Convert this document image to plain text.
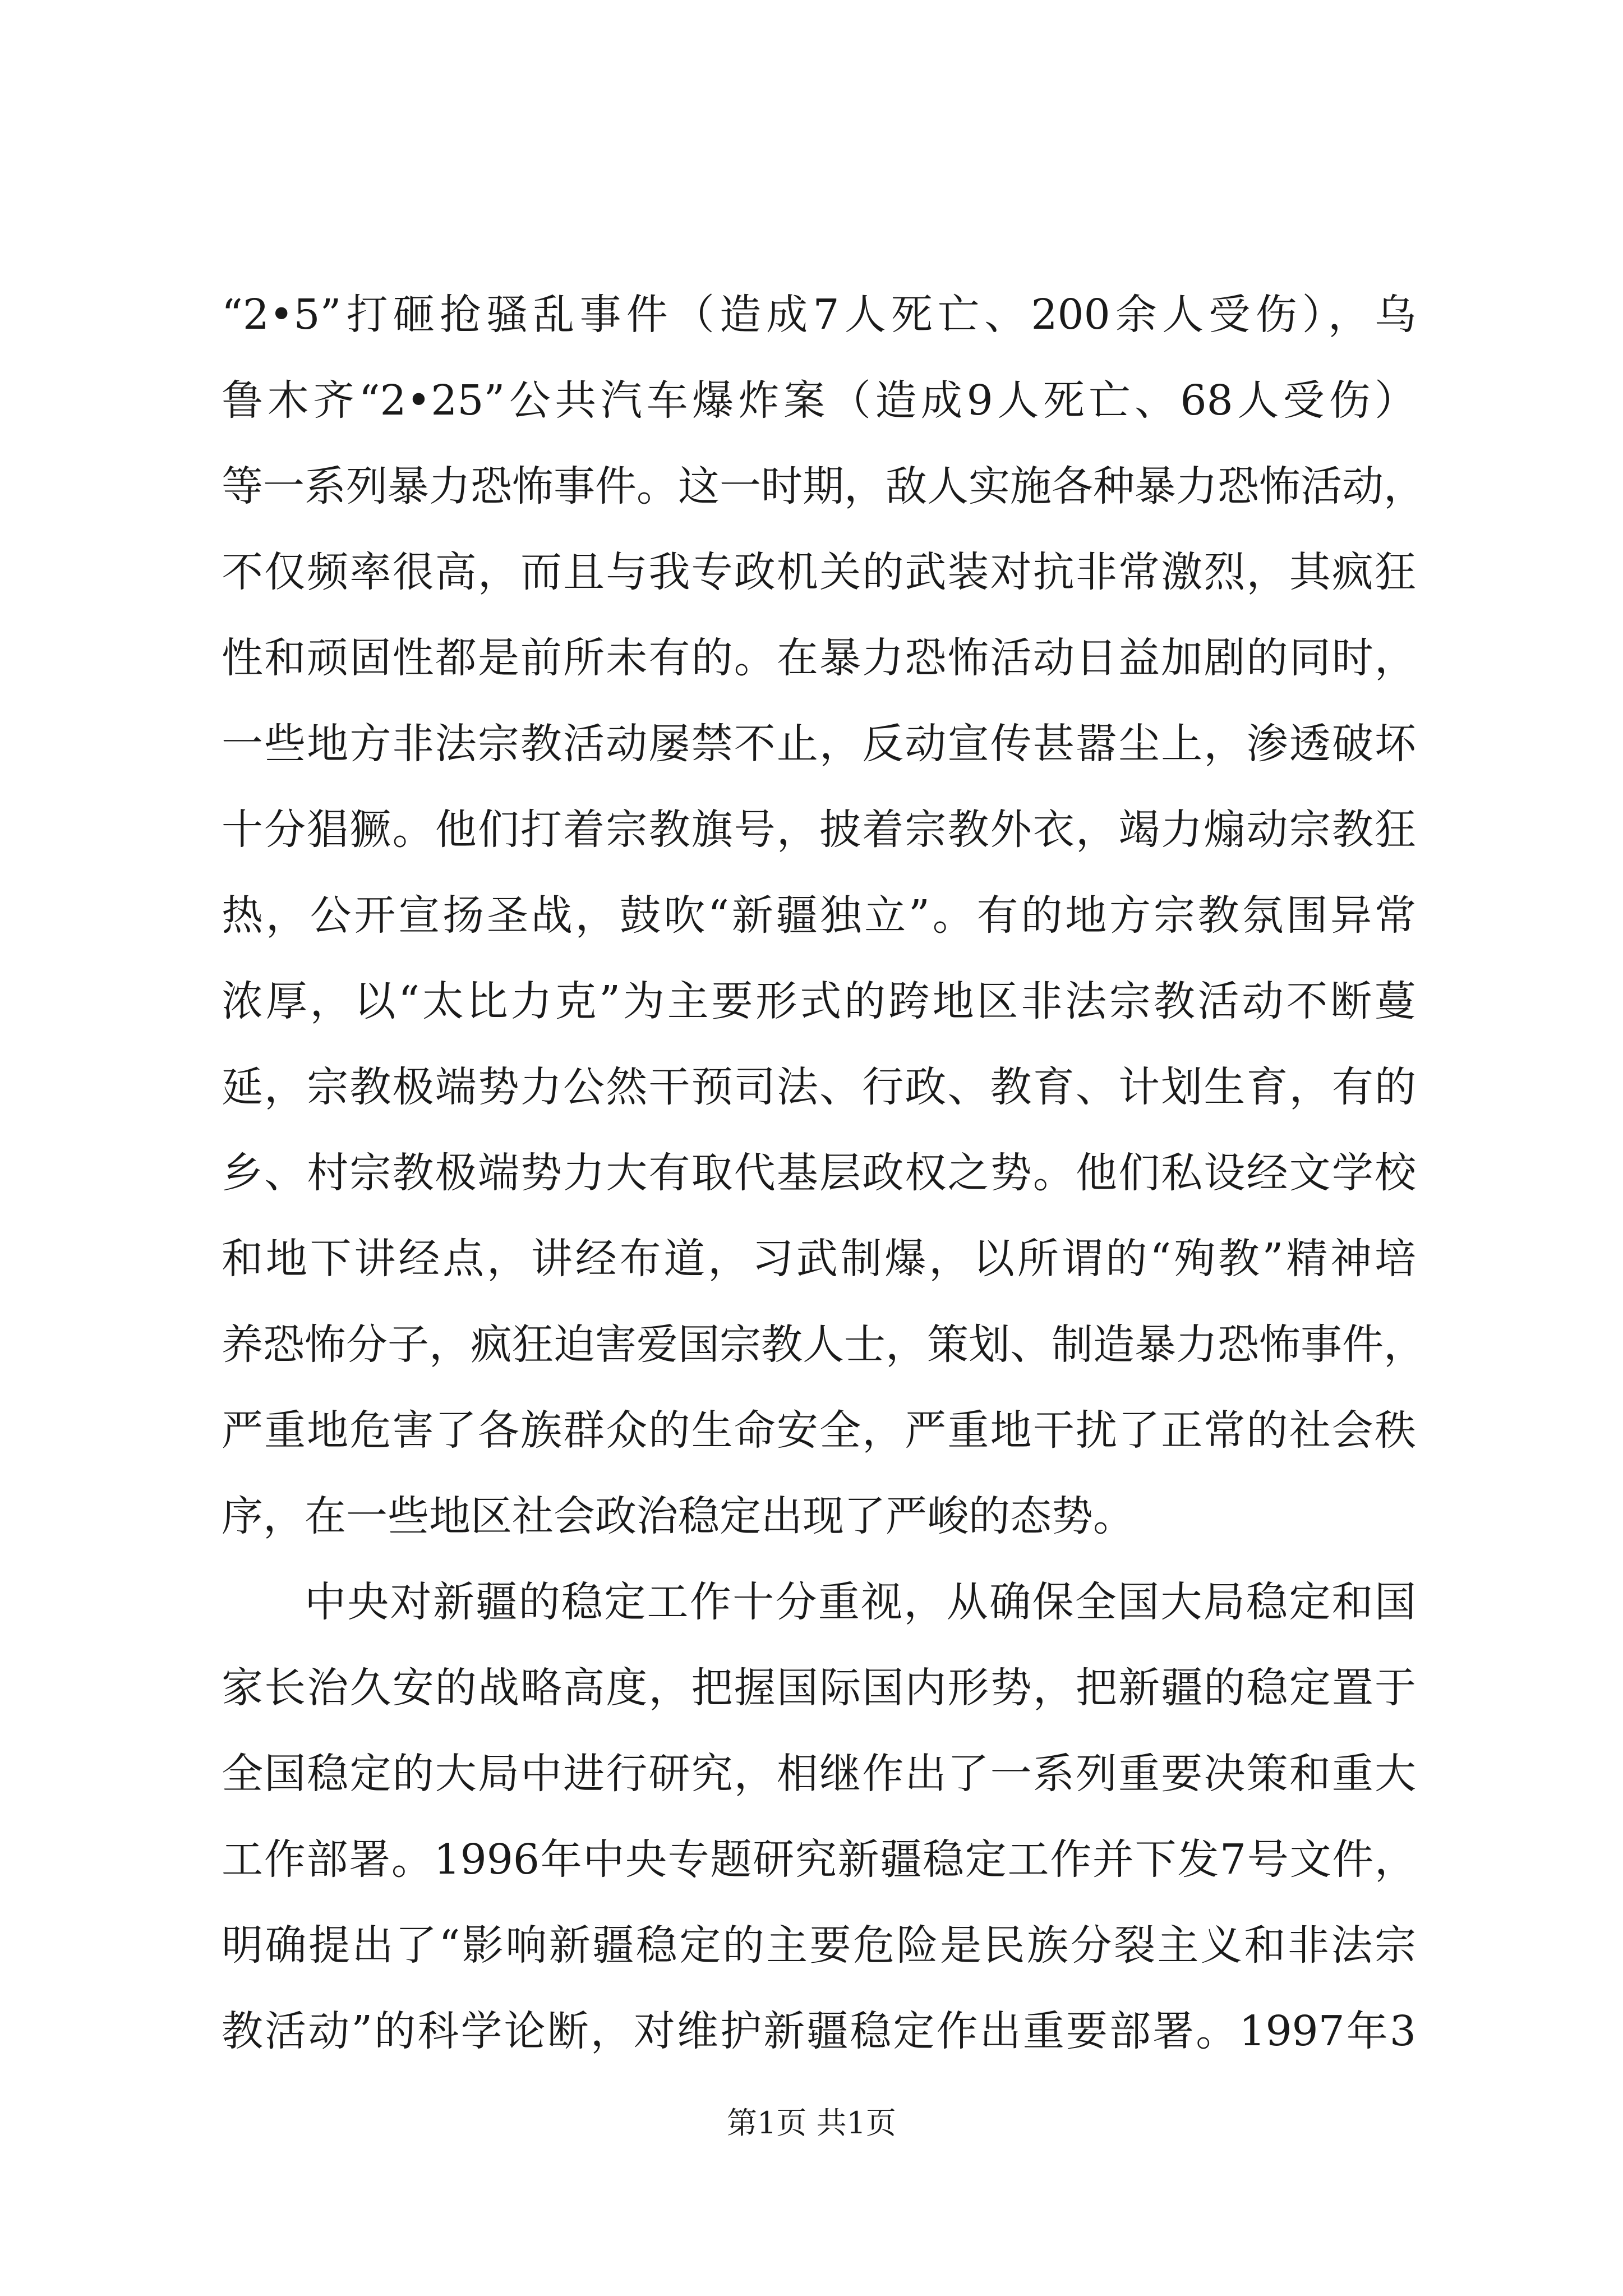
“2•5”打砸抢骚乱事件（造成7人死亡、200余人受伤），乌
鲁木齐“2•25”公共汽车爆炸案（造成9人死亡、68人受伤）
等一系列暴力恐怖事件。这一时期，敌人实施各种暴力恐怖活动，
不仅频率很高，而且与我专政机关的武装对抗非常激烈，其疯狂
性和顽固性都是前所未有的。在暴力恐怖活动日益加剧的同时，
一些地方非法宗教活动屡禁不止，反动宣传甚嚣尘上，渗透破坏
十分猖獗。他们打着宗教旗号，披着宗教外衣，竭力煽动宗教狂
热，公开宣扬圣战，鼓吹“新疆独立”。有的地方宗教氛围异常
浓厚，以“太比力克”为主要形式的跨地区非法宗教活动不断蔓
延，宗教极端势力公然干预司法、行政、教育、计划生育，有的
乡、村宗教极端势力大有取代基层政权之势。他们私设经文学校
和地下讲经点，讲经布道，习武制爆，以所谓的“殉教”精神培
养恐怖分子，疯狂迫害爱国宗教人士，策划、制造暴力恐怖事件，
严重地危害了各族群众的生命安全，严重地干扰了正常的社会秩
序，在一些地区社会政治稳定出现了严峻的态势。
中央对新疆的稳定工作十分重视，从确保全国大局稳定和国
家长治久安的战略高度，把握国际国内形势，把新疆的稳定置于
全国稳定的大局中进行研究，相继作出了一系列重要决策和重大
工作部署。1996年中央专题研究新疆稳定工作并下发7号文件，
明确提出了“影响新疆稳定的主要危险是民族分裂主义和非法宗
教活动”的科学论断，对维护新疆稳定作出重要部署。1997年3
第1页 共1页
